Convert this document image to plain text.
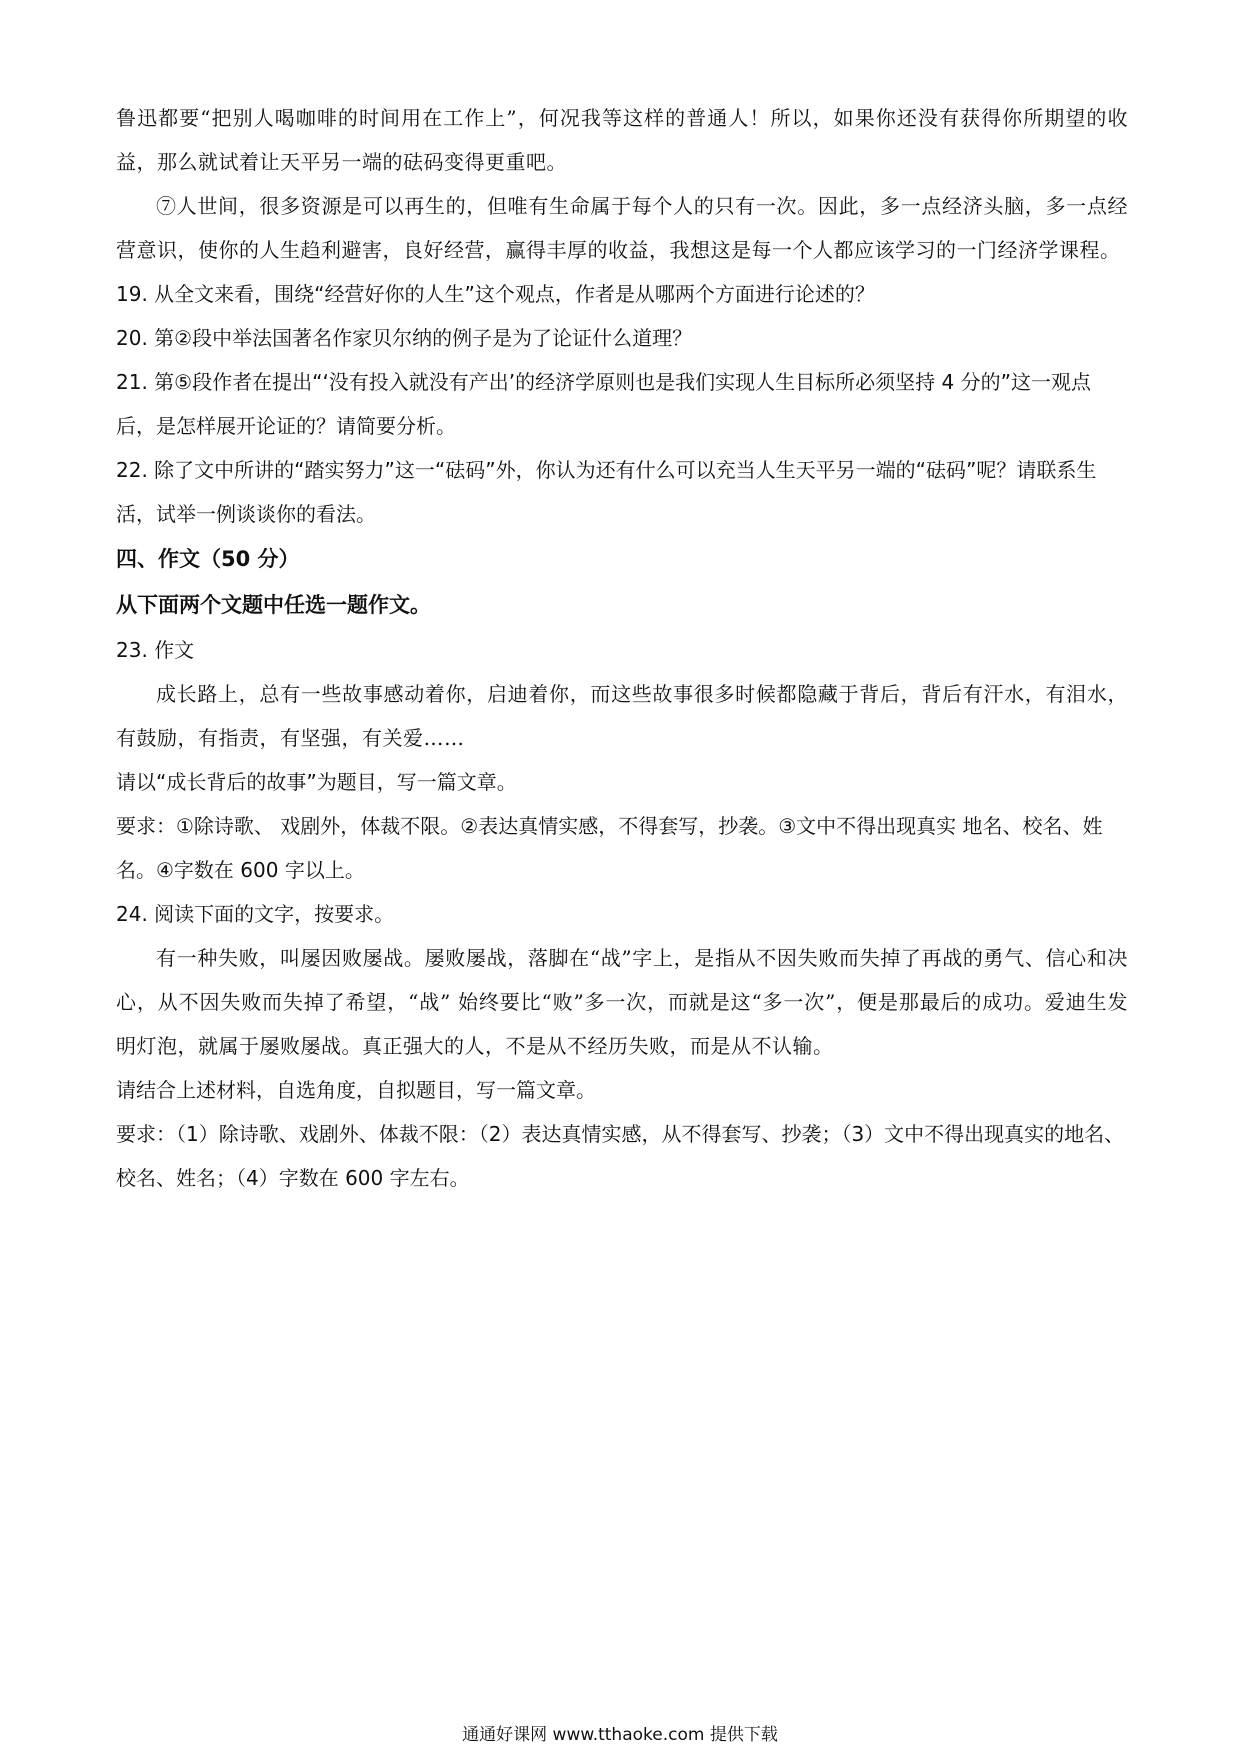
鲁迅都要“把别人喝咖啡的时间用在工作上”，何况我等这样的普通人！所以，如果你还没有获得你所期望的收益，那么就试着让天平另一端的砝码变得更重吧。

⑦人世间，很多资源是可以再生的，但唯有生命属于每个人的只有一次。因此，多一点经济头脑，多一点经营意识，使你的人生趋利避害，良好经营，赢得丰厚的收益，我想这是每一个人都应该学习的一门经济学课程。

19. 从全文来看，围绕“经营好你的人生”这个观点，作者是从哪两个方面进行论述的？

20. 第②段中举法国著名作家贝尔纳的例子是为了论证什么道理？

21. 第⑤段作者在提出“‘没有投入就没有产出’的经济学原则也是我们实现人生目标所必须坚持 4 分的”这一观点后，是怎样展开论证的？请简要分析。

22. 除了文中所讲的“踏实努力”这一“砝码”外，你认为还有什么可以充当人生天平另一端的“砝码”呢？请联系生活，试举一例谈谈你的看法。

四、作文（50 分）

从下面两个文题中任选一题作文。

23. 作文

成长路上，总有一些故事感动着你，启迪着你，而这些故事很多时候都隐藏于背后，背后有汗水，有泪水，有鼓励，有指责，有坚强，有关爱……

请以“成长背后的故事”为题目，写一篇文章。

要求：①除诗歌、 戏剧外，体裁不限。②表达真情实感，不得套写，抄袭。③文中不得出现真实 地名、校名、姓名。④字数在 600 字以上。

24. 阅读下面的文字，按要求。

有一种失败，叫屡因败屡战。屡败屡战，落脚在“战”字上，是指从不因失败而失掉了再战的勇气、信心和决心，从不因失败而失掉了希望，“战” 始终要比“败”多一次，而就是这“多一次”，便是那最后的成功。爱迪生发明灯泡，就属于屡败屡战。真正强大的人，不是从不经历失败，而是从不认输。

请结合上述材料，自选角度，自拟题目，写一篇文章。

要求：（1）除诗歌、戏剧外、体裁不限：（2）表达真情实感，从不得套写、抄袭；（3）文中不得出现真实的地名、校名、姓名；（4）字数在 600 字左右。

通通好课网 www.tthaoke.com 提供下载
